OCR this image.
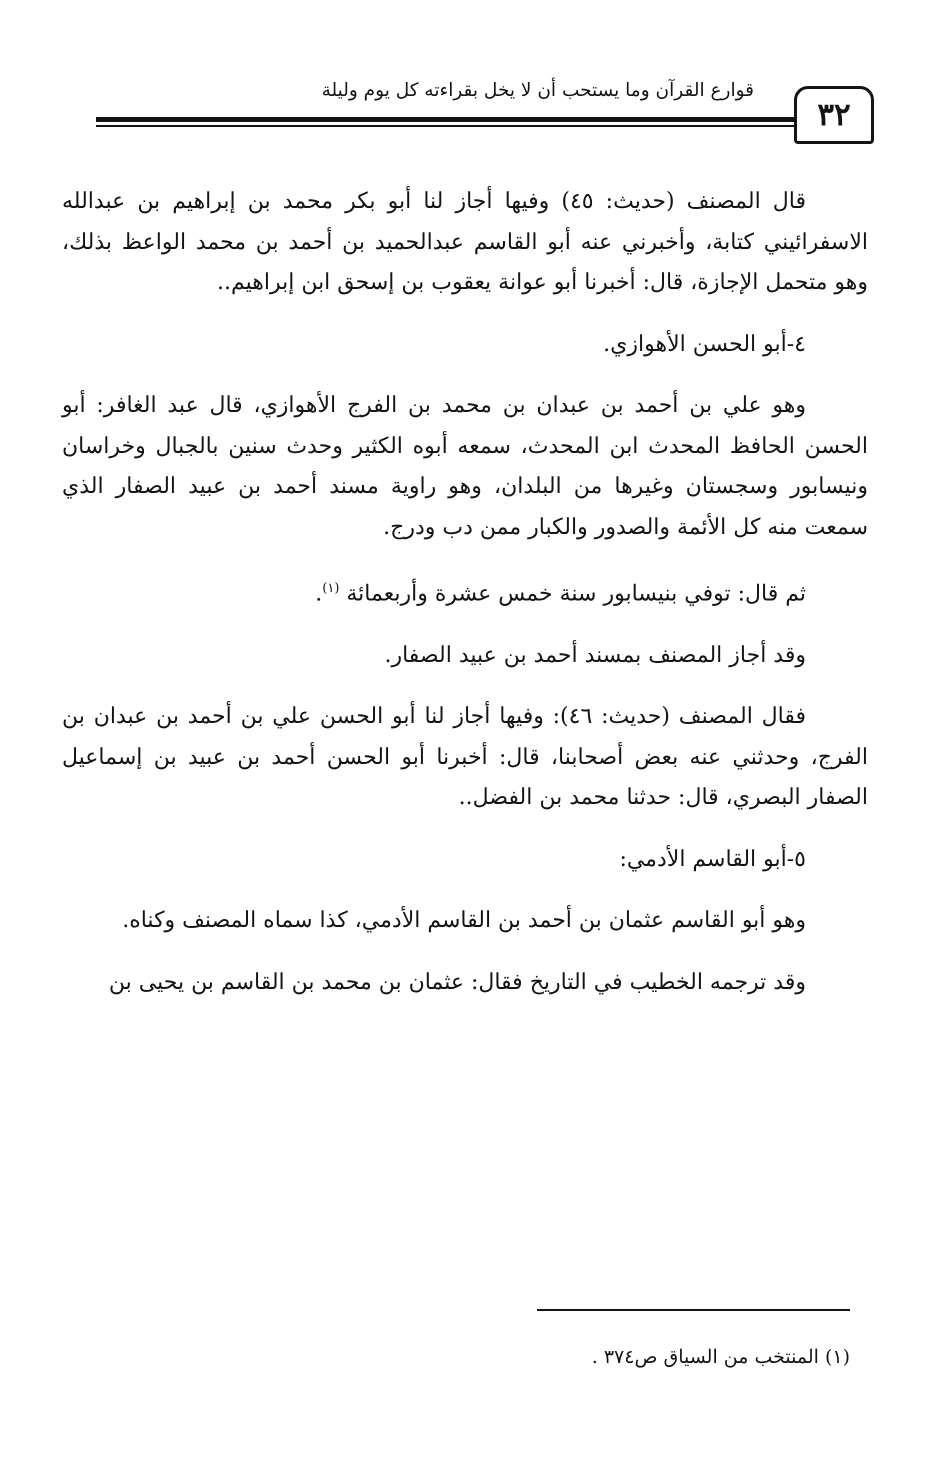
قوارع القرآن وما يستحب أن لا يخل بقراءته كل يوم وليلة
٣٢

قال المصنف (حديث: ٤٥) وفيها أجاز لنا أبو بكر محمد بن إبراهيم بن عبدالله الاسفرائيني كتابة، وأخبرني عنه أبو القاسم عبدالحميد بن أحمد بن محمد الواعظ بذلك، وهو متحمل الإجازة، قال: أخبرنا أبو عوانة يعقوب بن إسحق ابن إبراهيم..

٤-أبو الحسن الأهوازي.

وهو علي بن أحمد بن عبدان بن محمد بن الفرج الأهوازي، قال عبد الغافر: أبو الحسن الحافظ المحدث ابن المحدث، سمعه أبوه الكثير وحدث سنين بالجبال وخراسان ونيسابور وسجستان وغيرها من البلدان، وهو راوية مسند أحمد بن عبيد الصفار الذي سمعت منه كل الأئمة والصدور والكبار ممن دب ودرج.

ثم قال: توفي بنيسابور سنة خمس عشرة وأربعمائة $^{(١)}$.

وقد أجاز المصنف بمسند أحمد بن عبيد الصفار.

فقال المصنف (حديث: ٤٦): وفيها أجاز لنا أبو الحسن علي بن أحمد بن عبدان بن الفرج، وحدثني عنه بعض أصحابنا، قال: أخبرنا أبو الحسن أحمد بن عبيد بن إسماعيل الصفار البصري، قال: حدثنا محمد بن الفضل..

٥-أبو القاسم الأدمي:

وهو أبو القاسم عثمان بن أحمد بن القاسم الأدمي، كذا سماه المصنف وكناه.

وقد ترجمه الخطيب في التاريخ فقال: عثمان بن محمد بن القاسم بن يحيى بن

(١) المنتخب من السياق ص٣٧٤ .
